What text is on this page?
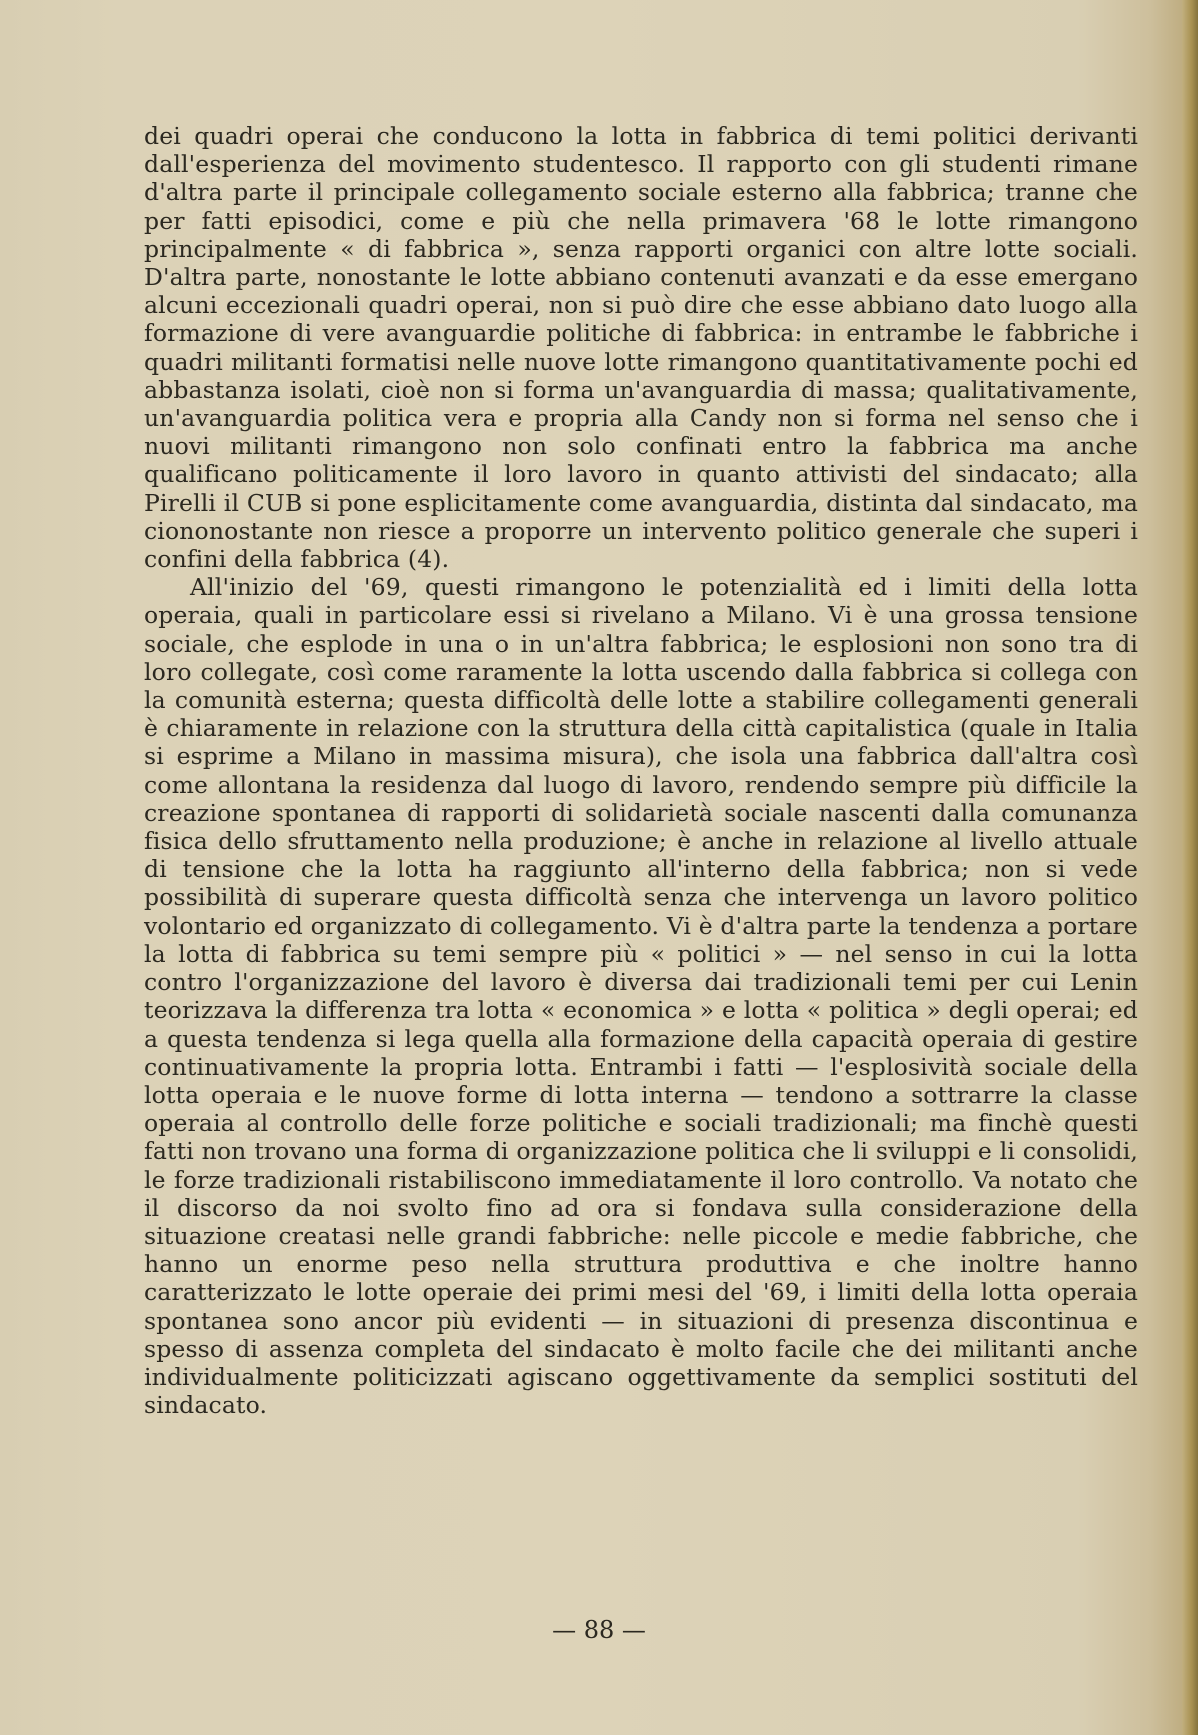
dei quadri operai che conducono la lotta in fabbrica di temi politici derivanti dall'esperienza del movimento studentesco. Il rapporto con gli studenti rimane d'altra parte il principale collegamento sociale esterno alla fabbrica; tranne che per fatti episodici, come e più che nella primavera '68 le lotte rimangono principalmente « di fabbrica », senza rapporti organici con altre lotte sociali. D'altra parte, nonostante le lotte abbiano contenuti avanzati e da esse emergano alcuni eccezionali quadri operai, non si può dire che esse abbiano dato luogo alla formazione di vere avanguardie politiche di fabbrica: in entrambe le fabbriche i quadri militanti formatisi nelle nuove lotte rimangono quantitativamente pochi ed abbastanza isolati, cioè non si forma un'avanguardia di massa; qualitativamente, un'avanguardia politica vera e propria alla Candy non si forma nel senso che i nuovi militanti rimangono non solo confinati entro la fabbrica ma anche qualificano politicamente il loro lavoro in quanto attivisti del sindacato; alla Pirelli il CUB si pone esplicitamente come avanguardia, distinta dal sindacato, ma ciononostante non riesce a proporre un intervento politico generale che superi i confini della fabbrica (4).

All'inizio del '69, questi rimangono le potenzialità ed i limiti della lotta operaia, quali in particolare essi si rivelano a Milano. Vi è una grossa tensione sociale, che esplode in una o in un'altra fabbrica; le esplosioni non sono tra di loro collegate, così come raramente la lotta uscendo dalla fabbrica si collega con la comunità esterna; questa difficoltà delle lotte a stabilire collegamenti generali è chiaramente in relazione con la struttura della città capitalistica (quale in Italia si esprime a Milano in massima misura), che isola una fabbrica dall'altra così come allontana la residenza dal luogo di lavoro, rendendo sempre più difficile la creazione spontanea di rapporti di solidarietà sociale nascenti dalla comunanza fisica dello sfruttamento nella produzione; è anche in relazione al livello attuale di tensione che la lotta ha raggiunto all'interno della fabbrica; non si vede possibilità di superare questa difficoltà senza che intervenga un lavoro politico volontario ed organizzato di collegamento. Vi è d'altra parte la tendenza a portare la lotta di fabbrica su temi sempre più « politici » — nel senso in cui la lotta contro l'organizzazione del lavoro è diversa dai tradizionali temi per cui Lenin teorizzava la differenza tra lotta « economica » e lotta « politica » degli operai; ed a questa tendenza si lega quella alla formazione della capacità operaia di gestire continuativamente la propria lotta. Entrambi i fatti — l'esplosività sociale della lotta operaia e le nuove forme di lotta interna — tendono a sottrarre la classe operaia al controllo delle forze politiche e sociali tradizionali; ma finchè questi fatti non trovano una forma di organizzazione politica che li sviluppi e li consolidi, le forze tradizionali ristabiliscono immediatamente il loro controllo. Va notato che il discorso da noi svolto fino ad ora si fondava sulla considerazione della situazione creatasi nelle grandi fabbriche: nelle piccole e medie fabbriche, che hanno un enorme peso nella struttura produttiva e che inoltre hanno caratterizzato le lotte operaie dei primi mesi del '69, i limiti della lotta operaia spontanea sono ancor più evidenti — in situazioni di presenza discontinua e spesso di assenza completa del sindacato è molto facile che dei militanti anche individualmente politicizzati agiscano oggettivamente da semplici sostituti del sindacato.

— 88 —
